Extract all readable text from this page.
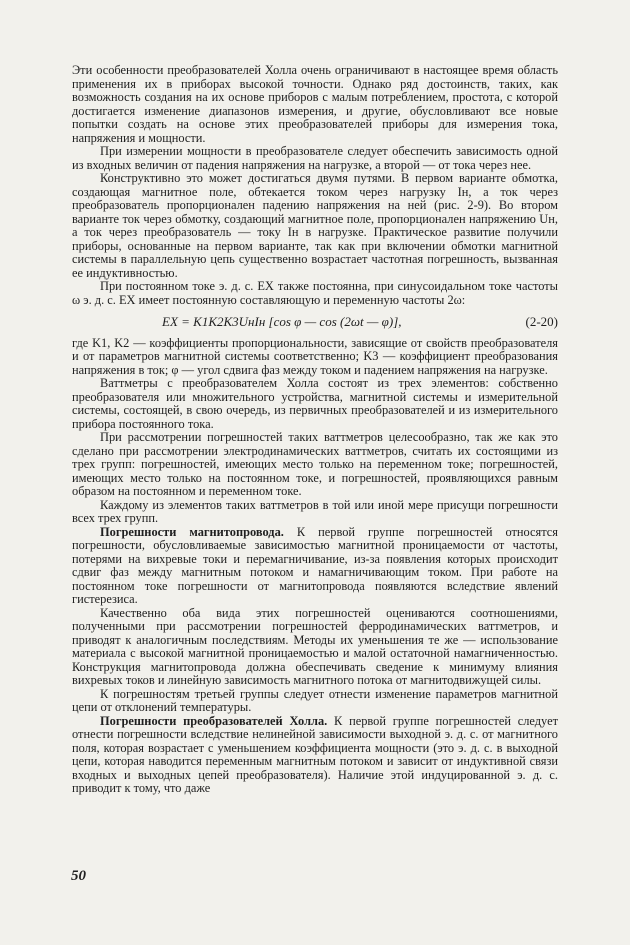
Эти особенности преобразователей Холла очень ограничивают в настоящее время область применения их в приборах высокой точности. Однако ряд достоинств, таких, как возможность создания на их основе приборов с малым потреблением, простота, с которой достигается изменение диапазонов измерения, и другие, обусловливают все новые попытки создать на основе этих преобразователей приборы для измерения тока, напряжения и мощности.

При измерении мощности в преобразователе следует обеспечить зависимость одной из входных величин от падения напряжения на нагрузке, а второй — от тока через нее.

Конструктивно это может достигаться двумя путями. В первом варианте обмотка, создающая магнитное поле, обтекается током через нагрузку Iн, а ток через преобразователь пропорционален падению напряжения на ней (рис. 2-9). Во втором варианте ток через обмотку, создающий магнитное поле, пропорционален напряжению Uн, а ток через преобразователь — току Iн в нагрузке. Практическое развитие получили приборы, основанные на первом варианте, так как при включении обмотки магнитной системы в параллельную цепь существенно возрастает частотная погрешность, вызванная ее индуктивностью.

При постоянном токе э. д. с. EX также постоянна, при синусоидальном токе частоты ω э. д. с. EX имеет постоянную составляющую и переменную частоты 2ω:

EX = K1K2K3UнIн [cos φ — cos (2ωt — φ)],	(2-20)

где K1, K2 — коэффициенты пропорциональности, зависящие от свойств преобразователя и от параметров магнитной системы соответственно; K3 — коэффициент преобразования напряжения в ток; φ — угол сдвига фаз между током и падением напряжения на нагрузке.

Ваттметры с преобразователем Холла состоят из трех элементов: собственно преобразователя или множительного устройства, магнитной системы и измерительной системы, состоящей, в свою очередь, из первичных преобразователей и из измерительного прибора постоянного тока.

При рассмотрении погрешностей таких ваттметров целесообразно, так же как это сделано при рассмотрении электродинамических ваттметров, считать их состоящими из трех групп: погрешностей, имеющих место только на переменном токе; погрешностей, имеющих место только на постоянном токе, и погрешностей, проявляющихся равным образом на постоянном и переменном токе.

Каждому из элементов таких ваттметров в той или иной мере присущи погрешности всех трех групп.

Погрешности магнитопровода. К первой группе погрешностей относятся погрешности, обусловливаемые зависимостью магнитной проницаемости от частоты, потерями на вихревые токи и перемагничивание, из-за появления которых происходит сдвиг фаз между магнитным потоком и намагничивающим током. При работе на постоянном токе погрешности от магнитопровода появляются вследствие явлений гистерезиса.

Качественно оба вида этих погрешностей оцениваются соотношениями, полученными при рассмотрении погрешностей ферродинамических ваттметров, и приводят к аналогичным последствиям. Методы их уменьшения те же — использование материала с высокой магнитной проницаемостью и малой остаточной намагниченностью. Конструкция магнитопровода должна обеспечивать сведение к минимуму влияния вихревых токов и линейную зависимость магнитного потока от магнитодвижущей силы.

К погрешностям третьей группы следует отнести изменение параметров магнитной цепи от отклонений температуры.

Погрешности преобразователей Холла. К первой группе погрешностей следует отнести погрешности вследствие нелинейной зависимости выходной э. д. с. от магнитного поля, которая возрастает с уменьшением коэффициента мощности (это э. д. с. в выходной цепи, которая наводится переменным магнитным потоком и зависит от индуктивной связи входных и выходных цепей преобразователя). Наличие этой индуцированной э. д. с. приводит к тому, что даже

50
